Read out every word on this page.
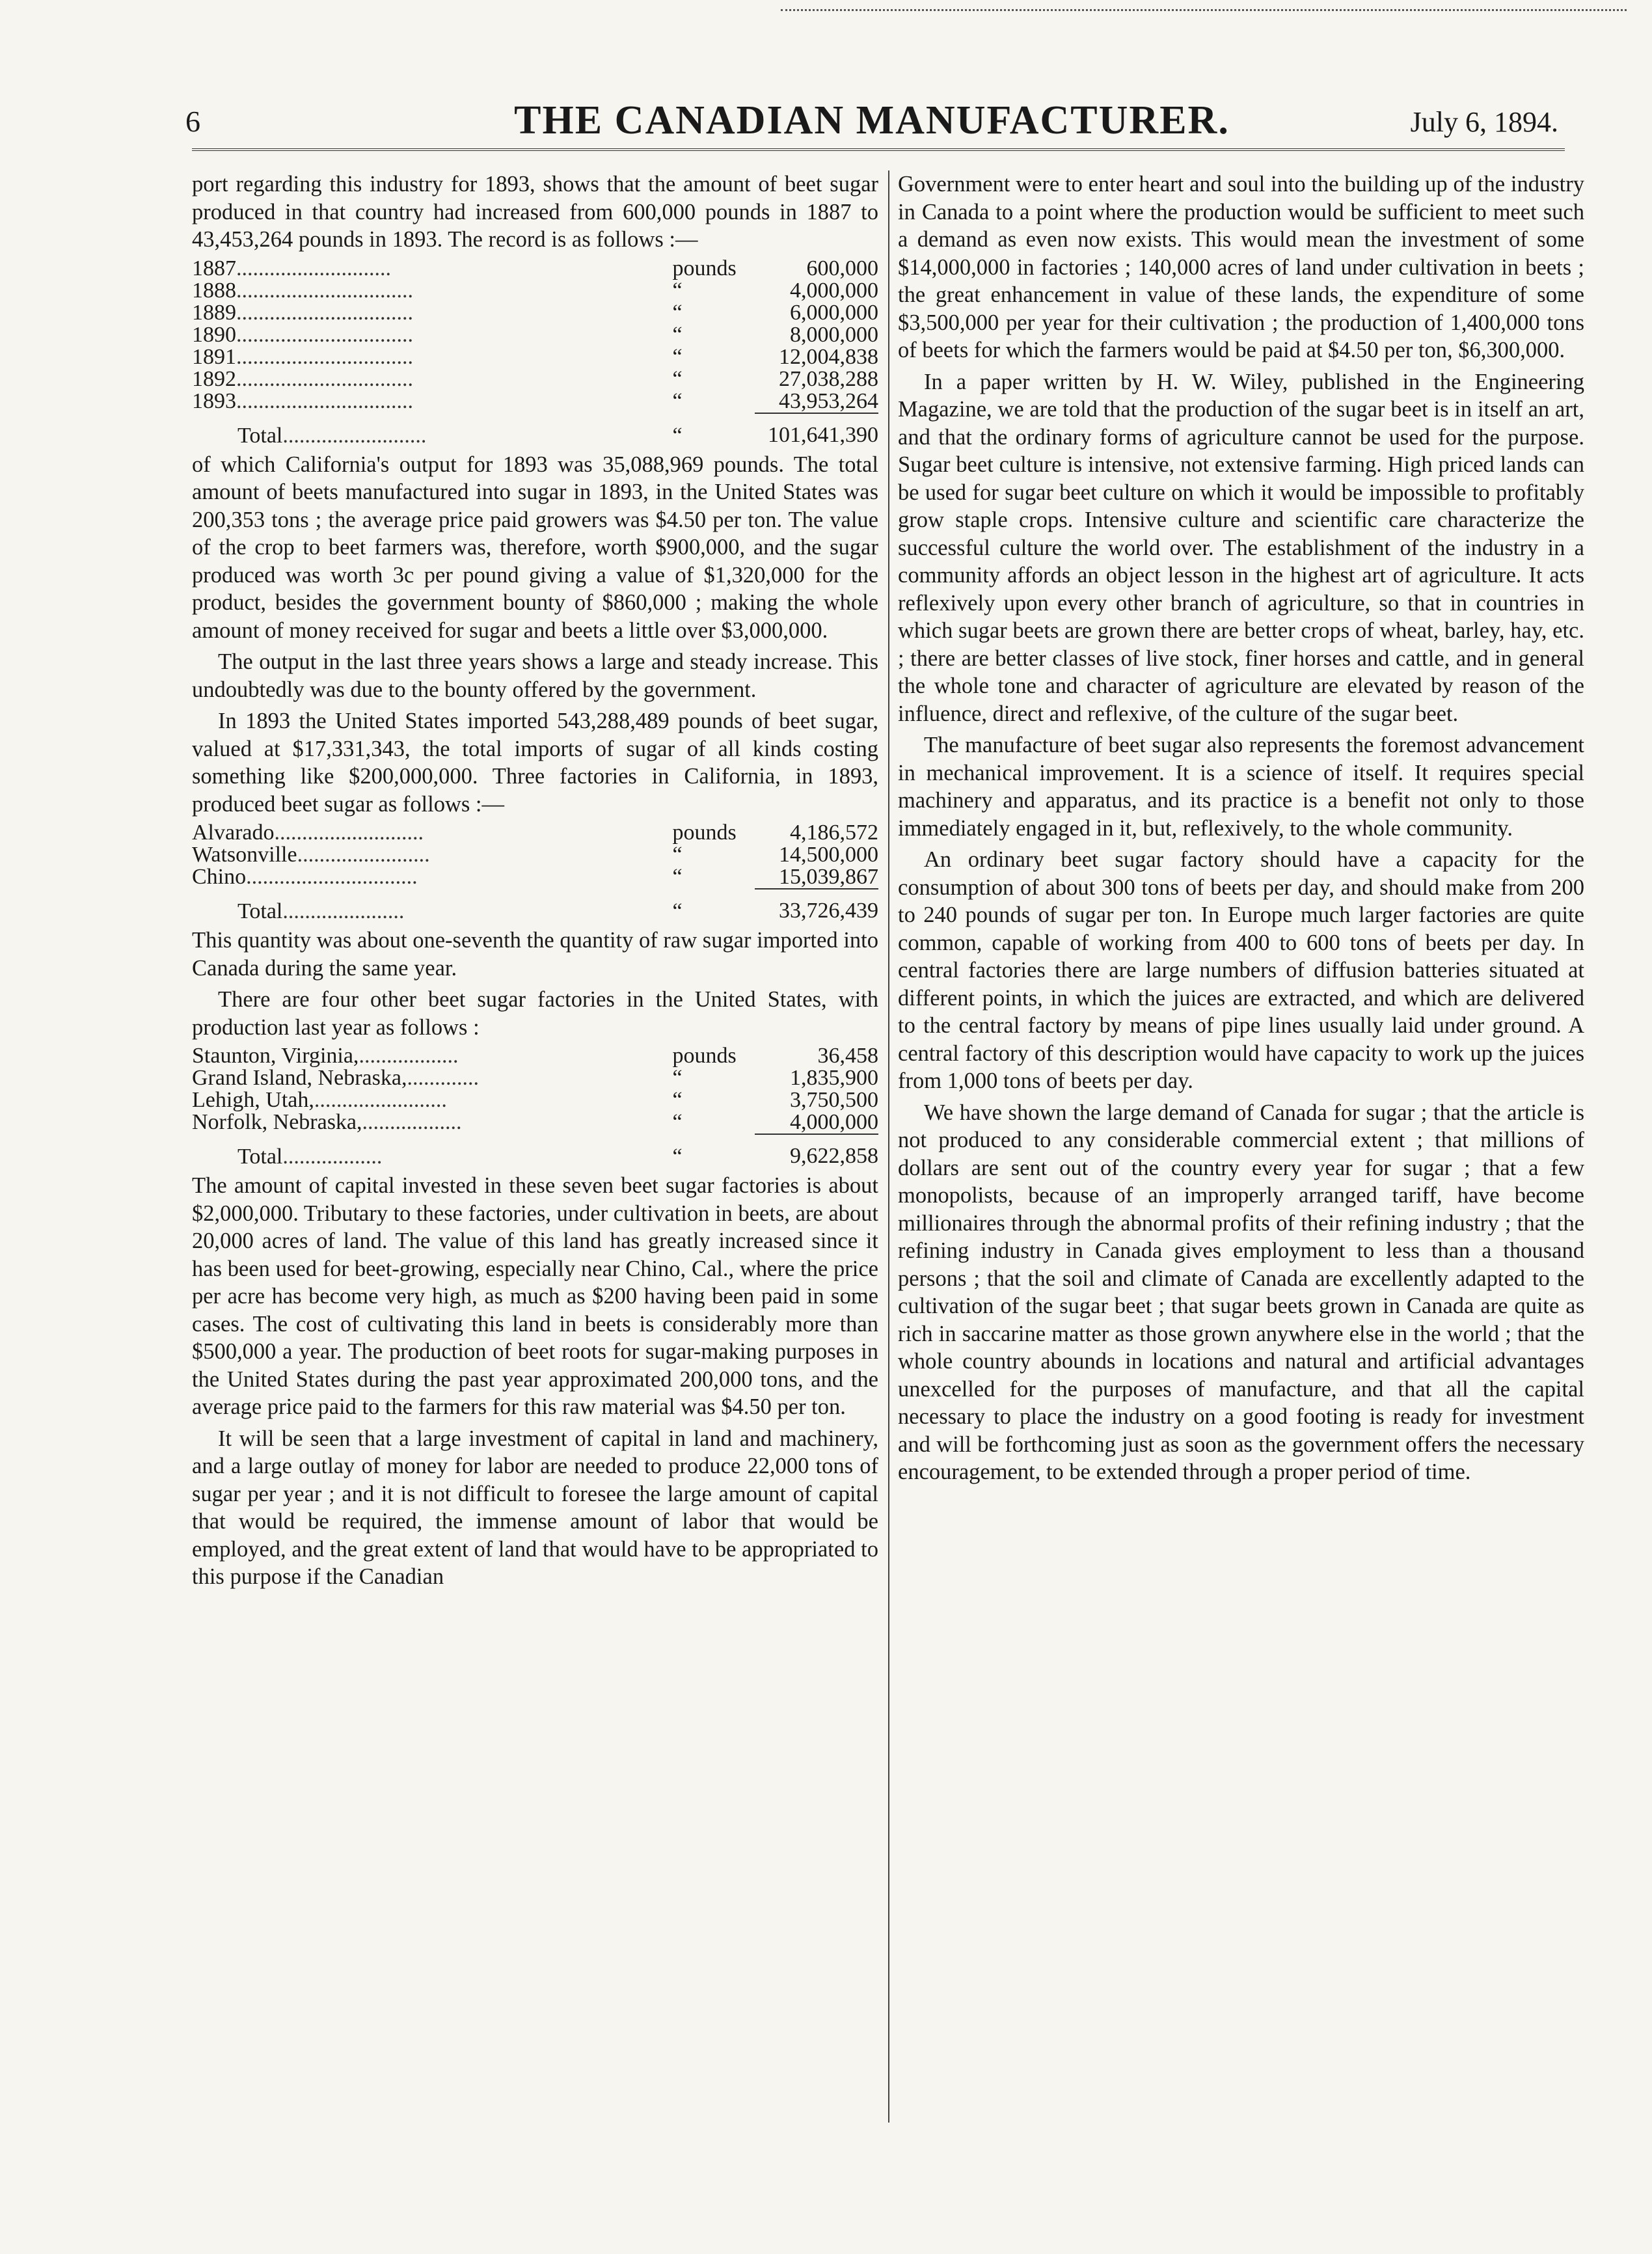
6	THE CANADIAN MANUFACTURER.	July 6, 1894.

port regarding this industry for 1893, shows that the amount of beet sugar produced in that country had increased from 600,000 pounds in 1887 to 43,453,264 pounds in 1893. The record is as follows :—

1887............................	pounds	600,000
1888................................	“	4,000,000
1889................................	“	6,000,000
1890................................	“	8,000,000
1891................................	“	12,004,838
1892................................	“	27,038,288
1893................................	“	43,953,264
Total..........................	“	101,641,390

of which California's output for 1893 was 35,088,969 pounds. The total amount of beets manufactured into sugar in 1893, in the United States was 200,353 tons ; the average price paid growers was $4.50 per ton. The value of the crop to beet farmers was, therefore, worth $900,000, and the sugar produced was worth 3c per pound giving a value of $1,320,000 for the product, besides the government bounty of $860,000 ; making the whole amount of money received for sugar and beets a little over $3,000,000.

The output in the last three years shows a large and steady increase. This undoubtedly was due to the bounty offered by the government.

In 1893 the United States imported 543,288,489 pounds of beet sugar, valued at $17,331,343, the total imports of sugar of all kinds costing something like $200,000,000. Three factories in California, in 1893, produced beet sugar as follows :—

Alvarado...........................	pounds	4,186,572
Watsonville........................	“	14,500,000
Chino...............................	“	15,039,867
Total......................	“	33,726,439

This quantity was about one-seventh the quantity of raw sugar imported into Canada during the same year.

There are four other beet sugar factories in the United States, with production last year as follows :

Staunton, Virginia,..................	pounds	36,458
Grand Island, Nebraska,.............	“	1,835,900
Lehigh, Utah,........................	“	3,750,500
Norfolk, Nebraska,..................	“	4,000,000
Total..................	“	9,622,858

The amount of capital invested in these seven beet sugar factories is about $2,000,000. Tributary to these factories, under cultivation in beets, are about 20,000 acres of land. The value of this land has greatly increased since it has been used for beet-growing, especially near Chino, Cal., where the price per acre has become very high, as much as $200 having been paid in some cases. The cost of cultivating this land in beets is considerably more than $500,000 a year. The production of beet roots for sugar-making purposes in the United States during the past year approximated 200,000 tons, and the average price paid to the farmers for this raw material was $4.50 per ton.

It will be seen that a large investment of capital in land and machinery, and a large outlay of money for labor are needed to produce 22,000 tons of sugar per year ; and it is not difficult to foresee the large amount of capital that would be required, the immense amount of labor that would be employed, and the great extent of land that would have to be appropriated to this purpose if the Canadian

Government were to enter heart and soul into the building up of the industry in Canada to a point where the production would be sufficient to meet such a demand as even now exists. This would mean the investment of some $14,000,000 in factories ; 140,000 acres of land under cultivation in beets ; the great enhancement in value of these lands, the expenditure of some $3,500,000 per year for their cultivation ; the production of 1,400,000 tons of beets for which the farmers would be paid at $4.50 per ton, $6,300,000.

In a paper written by H. W. Wiley, published in the Engineering Magazine, we are told that the production of the sugar beet is in itself an art, and that the ordinary forms of agriculture cannot be used for the purpose. Sugar beet culture is intensive, not extensive farming. High priced lands can be used for sugar beet culture on which it would be impossible to profitably grow staple crops. Intensive culture and scientific care characterize the successful culture the world over. The establishment of the industry in a community affords an object lesson in the highest art of agriculture. It acts reflexively upon every other branch of agriculture, so that in countries in which sugar beets are grown there are better crops of wheat, barley, hay, etc. ; there are better classes of live stock, finer horses and cattle, and in general the whole tone and character of agriculture are elevated by reason of the influence, direct and reflexive, of the culture of the sugar beet.

The manufacture of beet sugar also represents the foremost advancement in mechanical improvement. It is a science of itself. It requires special machinery and apparatus, and its practice is a benefit not only to those immediately engaged in it, but, reflexively, to the whole community.

An ordinary beet sugar factory should have a capacity for the consumption of about 300 tons of beets per day, and should make from 200 to 240 pounds of sugar per ton. In Europe much larger factories are quite common, capable of working from 400 to 600 tons of beets per day. In central factories there are large numbers of diffusion batteries situated at different points, in which the juices are extracted, and which are delivered to the central factory by means of pipe lines usually laid under ground. A central factory of this description would have capacity to work up the juices from 1,000 tons of beets per day.

We have shown the large demand of Canada for sugar ; that the article is not produced to any considerable commercial extent ; that millions of dollars are sent out of the country every year for sugar ; that a few monopolists, because of an improperly arranged tariff, have become millionaires through the abnormal profits of their refining industry ; that the refining industry in Canada gives employment to less than a thousand persons ; that the soil and climate of Canada are excellently adapted to the cultivation of the sugar beet ; that sugar beets grown in Canada are quite as rich in saccarine matter as those grown anywhere else in the world ; that the whole country abounds in locations and natural and artificial advantages unexcelled for the purposes of manufacture, and that all the capital necessary to place the industry on a good footing is ready for investment and will be forthcoming just as soon as the government offers the necessary encouragement, to be extended through a proper period of time.
